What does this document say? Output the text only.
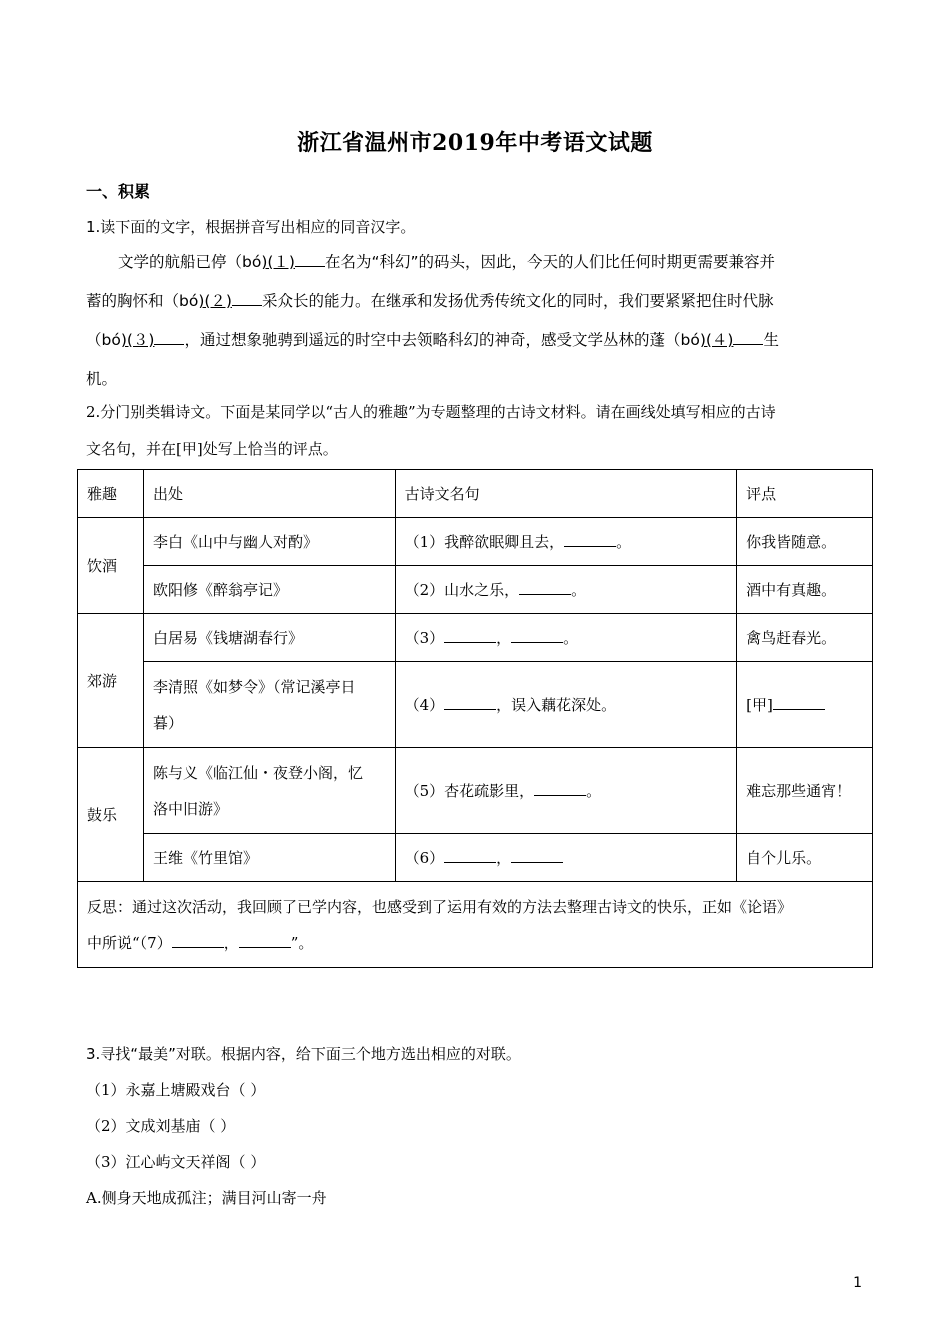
浙江省温州市2019年中考语文试题
一、积累
1.读下面的文字，根据拼音写出相应的同音汉字。
文学的航船已停（bó)(１) 在名为“科幻”的码头，因此，今天的人们比任何时期更需要兼容并
蓄的胸怀和（bó)(２) 采众长的能力。在继承和发扬优秀传统文化的同时，我们要紧紧把住时代脉
（bó)(３) ，通过想象驰骋到遥远的时空中去领略科幻的神奇，感受文学丛林的蓬（bó)(４) 生
机。
2.分门别类辑诗文。下面是某同学以“古人的雅趣”为专题整理的古诗文材料。请在画线处填写相应的古诗
文名句，并在[甲]处写上恰当的评点。
雅趣	出处	古诗文名句	评点
饮酒	李白《山中与幽人对酌》	（1）我醉欲眠卿且去， 。	你我皆随意。
	欧阳修《醉翁亭记》	（2）山水之乐， 。	酒中有真趣。
郊游	白居易《钱塘湖春行》	（3） ， 。	禽鸟赶春光。

	李清照《如梦令》（常记溪亭日
暮）	（4） ，误入藕花深处。	[甲]
鼓乐	陈与义《临江仙・夜登小阁，忆
洛中旧游》	（5）杏花疏影里， 。	难忘那些通宵！
	王维《竹里馆》	（6） ，	自个儿乐。

反思：通过这次活动，我回顾了已学内容，也感受到了运用有效的方法去整理古诗文的快乐，正如《论语》
中所说“（7） ， ”。			
3.寻找“最美”对联。根据内容，给下面三个地方选出相应的对联。
（1）永嘉上塘殿戏台（ ）
（2）文成刘基庙（ ）
（3）江心屿文天祥阁（ ）
A.侧身天地成孤注；满目河山寄一舟
1
